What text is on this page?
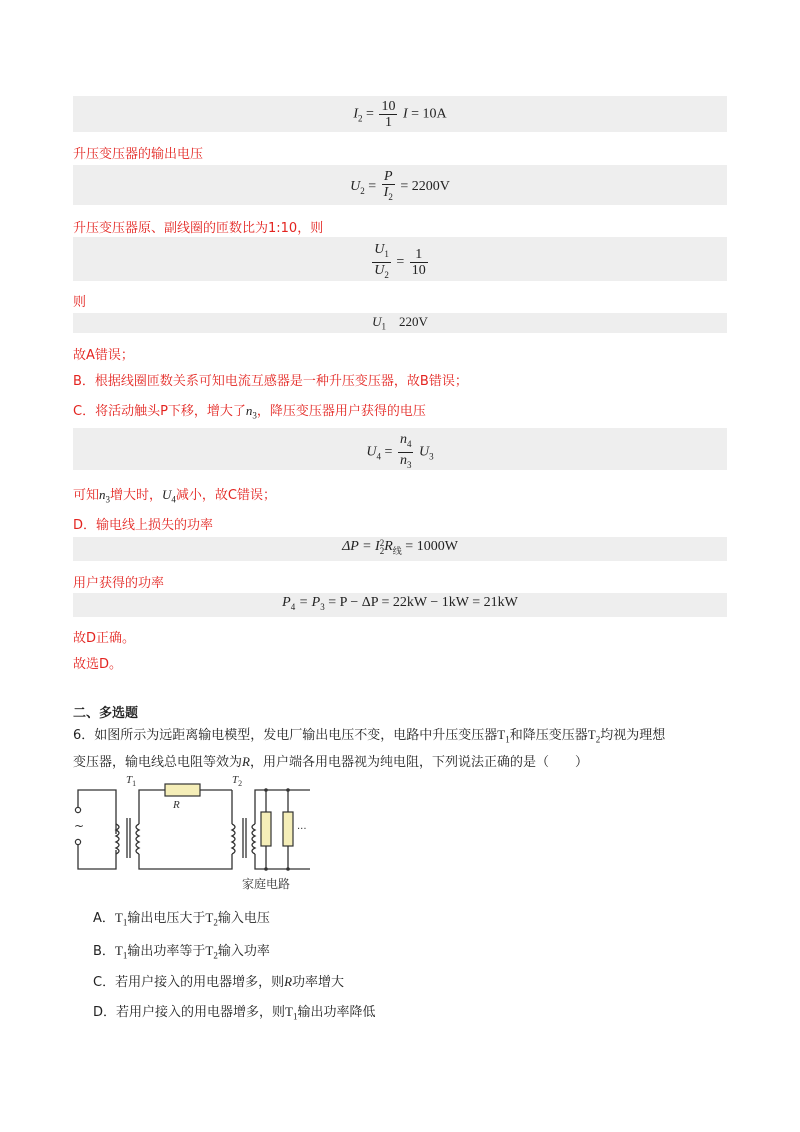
$I_2 = \frac{10}{1}$ I = 10A
升压变压器的输出电压
$U_2 = \frac{P}{I_2} = 2200V$
升压变压器原、副线圈的匝数比为1:10，则
$\frac{U_1}{U_2} = \frac{1}{10}$
则
$U_1$ 220V
故A错误；
B．根据线圈匝数关系可知电流互感器是一种升压变压器，故B错误；
C．将活动触头P下移，增大了$n_3$，降压变压器用户获得的电压
$U_4 = \frac{n_4}{n_3} U_3$
可知$n_3$增大时，$U_4$减小，故C错误；
D．输电线上损失的功率
ΔP = I 2
2 $R_线 = 1000W$
用户获得的功率
$P_4 = P_3 = P - \Delta P = 22kW - 1kW = 21kW$
故D正确。
故选D。
二、多选题
6．如图所示为远距离输电模型，发电厂输出电压不变，电路中升压变压器$T_1$和降压变压器$T_2$均视为理想
变压器，输电线总电阻等效为R，用户端各用电器视为纯电阻，下列说法正确的是（　　）
~
R
···
$T_1$	$T_2$
家庭电路
A．$T_1$输出电压大于$T_2$输入电压
B．$T_1$输出功率等于$T_2$输入功率
C．若用户接入的用电器增多，则R功率增大
D．若用户接入的用电器增多，则$T_1$输出功率降低
